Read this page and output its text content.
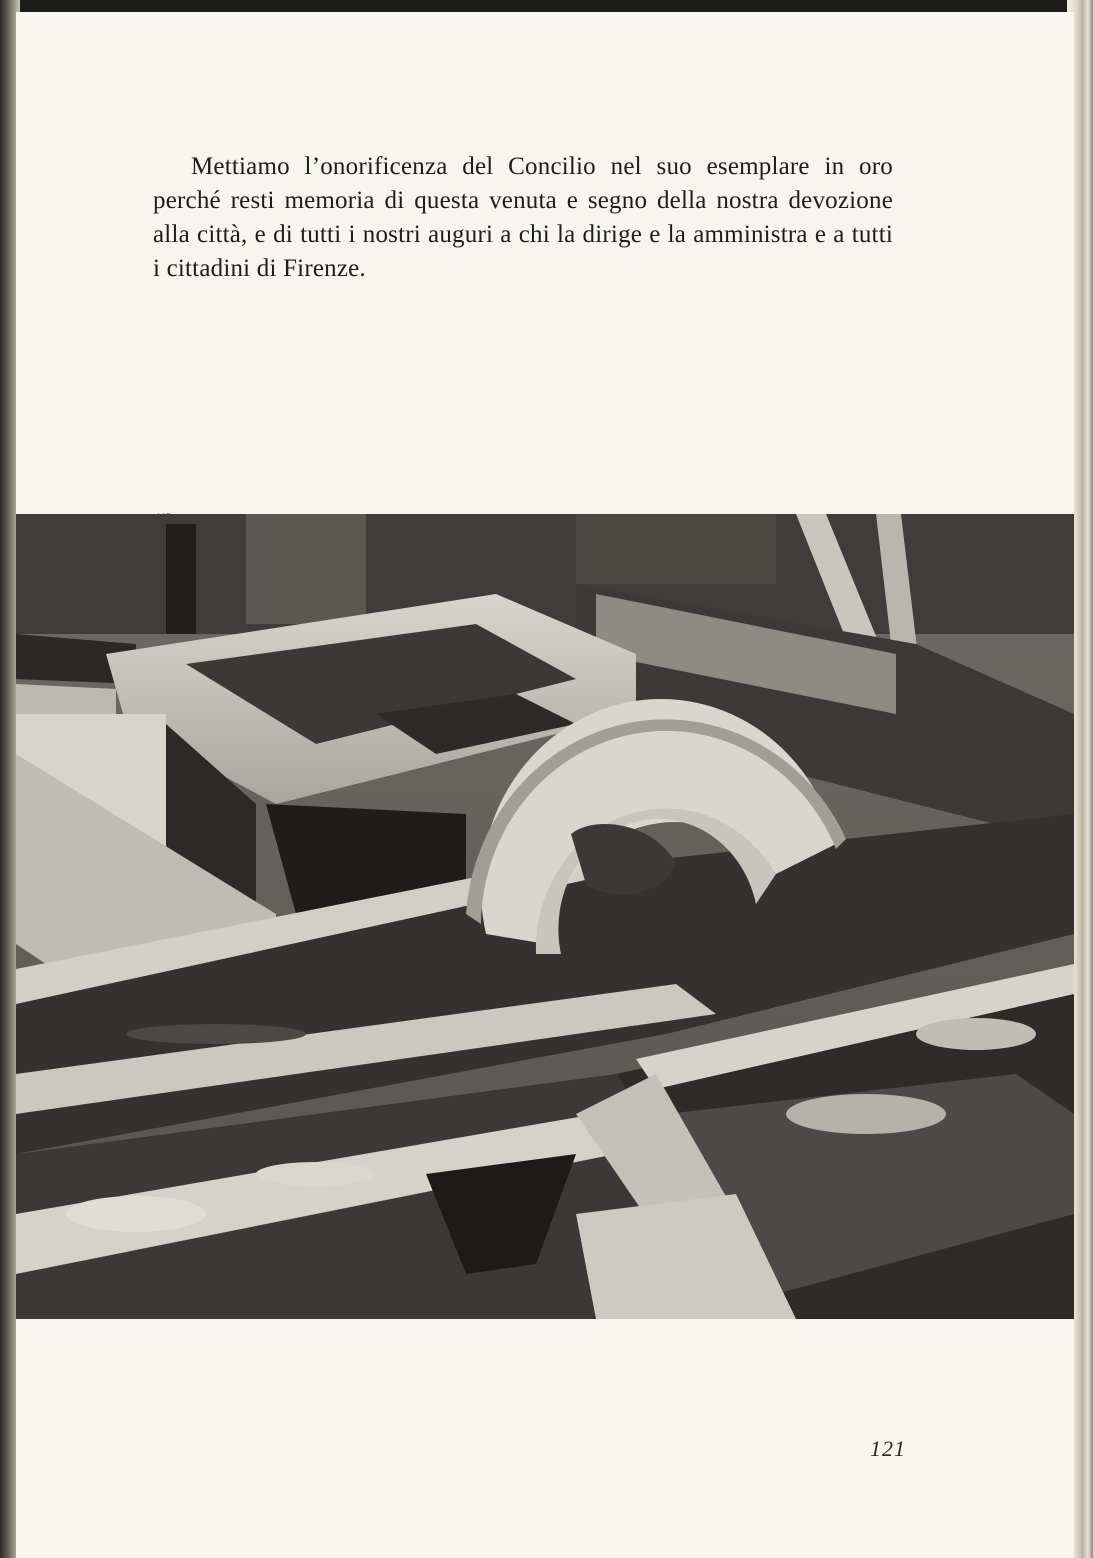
Mettiamo l’onorificenza del Concilio nel suo esemplare in oro perché resti memoria di questa venuta e segno della nostra devozione alla città, e di tutti i nostri auguri a chi la dirige e la amministra e a tutti i cittadini di Firenze.

121
